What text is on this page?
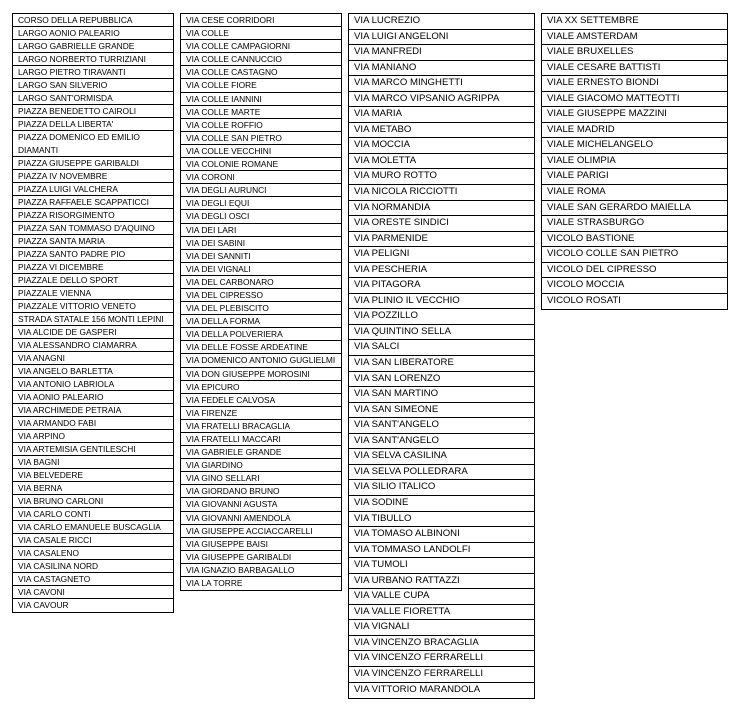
CORSO DELLA REPUBBLICA
LARGO AONIO PALEARIO
LARGO GABRIELLE GRANDE
LARGO NORBERTO TURRIZIANI
LARGO PIETRO TIRAVANTI
LARGO SAN SILVERIO
LARGO SANT'ORMISDA
PIAZZA BENEDETTO CAIROLI
PIAZZA DELLA LIBERTA'
PIAZZA DOMENICO ED EMILIO DIAMANTI
PIAZZA GIUSEPPE GARIBALDI
PIAZZA IV NOVEMBRE
PIAZZA LUIGI VALCHERA
PIAZZA RAFFAELE SCAPPATICCI
PIAZZA RISORGIMENTO
PIAZZA SAN TOMMASO D'AQUINO
PIAZZA SANTA MARIA
PIAZZA SANTO PADRE PIO
PIAZZA VI DICEMBRE
PIAZZALE DELLO SPORT
PIAZZALE VIENNA
PIAZZALE VITTORIO VENETO
STRADA STATALE 156 MONTI LEPINI
VIA ALCIDE DE GASPERI
VIA ALESSANDRO CIAMARRA
VIA ANAGNI
VIA ANGELO BARLETTA
VIA ANTONIO LABRIOLA
VIA AONIO PALEARIO
VIA ARCHIMEDE PETRAIA
VIA ARMANDO FABI
VIA ARPINO
VIA ARTEMISIA GENTILESCHI
VIA BAGNI
VIA BELVEDERE
VIA BERNA
VIA BRUNO CARLONI
VIA CARLO CONTI
VIA CARLO EMANUELE BUSCAGLIA
VIA CASALE RICCI
VIA CASALENO
VIA CASILINA NORD
VIA CASTAGNETO
VIA CAVONI
VIA CAVOUR
VIA CESE CORRIDORI
VIA COLLE
VIA COLLE CAMPAGIORNI
VIA COLLE CANNUCCIO
VIA COLLE CASTAGNO
VIA COLLE FIORE
VIA COLLE IANNINI
VIA COLLE MARTE
VIA COLLE ROFFIO
VIA COLLE SAN PIETRO
VIA COLLE VECCHINI
VIA COLONIE ROMANE
VIA CORONI
VIA DEGLI AURUNCI
VIA DEGLI EQUI
VIA DEGLI OSCI
VIA DEI LARI
VIA DEI SABINI
VIA DEI SANNITI
VIA DEI VIGNALI
VIA DEL CARBONARO
VIA DEL CIPRESSO
VIA DEL PLEBISCITO
VIA DELLA FORMA
VIA DELLA POLVERIERA
VIA DELLE FOSSE ARDEATINE
VIA DOMENICO ANTONIO GUGLIELMI
VIA DON GIUSEPPE MOROSINI
VIA EPICURO
VIA FEDELE CALVOSA
VIA FIRENZE
VIA FRATELLI BRACAGLIA
VIA FRATELLI MACCARI
VIA GABRIELE GRANDE
VIA GIARDINO
VIA GINO SELLARI
VIA GIORDANO BRUNO
VIA GIOVANNI AGUSTA
VIA GIOVANNI AMENDOLA
VIA GIUSEPPE ACCIACCARELLI
VIA GIUSEPPE BAISI
VIA GIUSEPPE GARIBALDI
VIA IGNAZIO BARBAGALLO
VIA LA TORRE
VIA LUCREZIO
VIA LUIGI ANGELONI
VIA MANFREDI
VIA MANIANO
VIA MARCO MINGHETTI
VIA MARCO VIPSANIO AGRIPPA
VIA MARIA
VIA METABO
VIA MOCCIA
VIA MOLETTA
VIA MURO ROTTO
VIA NICOLA RICCIOTTI
VIA NORMANDIA
VIA ORESTE SINDICI
VIA PARMENIDE
VIA PELIGNI
VIA PESCHERIA
VIA PITAGORA
VIA PLINIO IL VECCHIO
VIA POZZILLO
VIA QUINTINO SELLA
VIA SALCI
VIA SAN LIBERATORE
VIA SAN LORENZO
VIA SAN MARTINO
VIA SAN SIMEONE
VIA SANT'ANGELO
VIA SANT'ANGELO
VIA SELVA CASILINA
VIA SELVA POLLEDRARA
VIA SILIO ITALICO
VIA SODINE
VIA TIBULLO
VIA TOMASO ALBINONI
VIA TOMMASO LANDOLFI
VIA TUMOLI
VIA URBANO RATTAZZI
VIA VALLE CUPA
VIA VALLE FIORETTA
VIA VIGNALI
VIA VINCENZO BRACAGLIA
VIA VINCENZO FERRARELLI
VIA VINCENZO FERRARELLI
VIA VITTORIO MARANDOLA
VIA XX SETTEMBRE
VIALE AMSTERDAM
VIALE BRUXELLES
VIALE CESARE BATTISTI
VIALE ERNESTO BIONDI
VIALE GIACOMO MATTEOTTI
VIALE GIUSEPPE MAZZINI
VIALE MADRID
VIALE MICHELANGELO
VIALE OLIMPIA
VIALE PARIGI
VIALE ROMA
VIALE SAN GERARDO MAIELLA
VIALE STRASBURGO
VICOLO BASTIONE
VICOLO COLLE SAN PIETRO
VICOLO DEL CIPRESSO
VICOLO MOCCIA
VICOLO ROSATI
